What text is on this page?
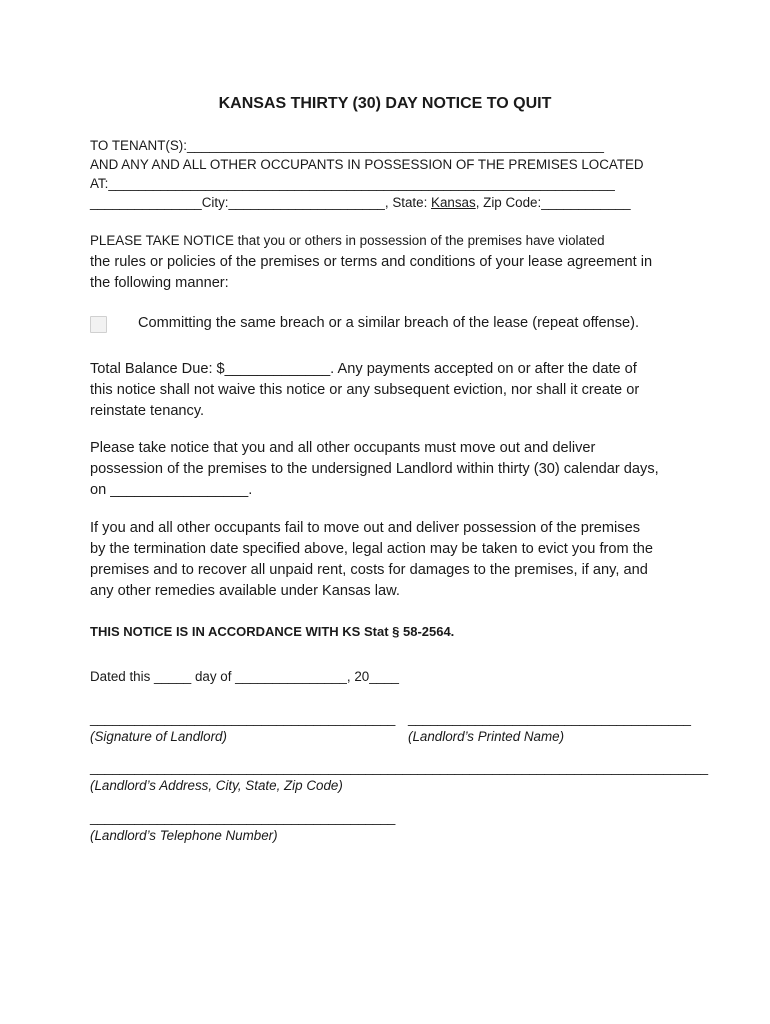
KANSAS THIRTY (30) DAY NOTICE TO QUIT
TO TENANT(S):________________________________________________________
AND ANY AND ALL OTHER OCCUPANTS IN POSSESSION OF THE PREMISES LOCATED
AT:____________________________________________________________________
_______________City:_____________________, State: Kansas, Zip Code:____________
PLEASE TAKE NOTICE that you or others in possession of the premises have violated
the rules or policies of the premises or terms and conditions of your lease agreement in
the following manner:
Committing the same breach or a similar breach of the lease (repeat offense).
Total Balance Due: $_____________. Any payments accepted on or after the date of
this notice shall not waive this notice or any subsequent eviction, nor shall it create or
reinstate tenancy.
Please take notice that you and all other occupants must move out and deliver
possession of the premises to the undersigned Landlord within thirty (30) calendar days,
on _________________.
If you and all other occupants fail to move out and deliver possession of the premises
by the termination date specified above, legal action may be taken to evict you from the
premises and to recover all unpaid rent, costs for damages to the premises, if any, and
any other remedies available under Kansas law.
THIS NOTICE IS IN ACCORDANCE WITH KS Stat § 58-2564.
Dated this _____ day of _______________, 20____
_________________________________________
(Signature of Landlord)
______________________________________
(Landlord’s Printed Name)
___________________________________________________________________________________
(Landlord’s Address, City, State, Zip Code)
_________________________________________
(Landlord’s Telephone Number)
